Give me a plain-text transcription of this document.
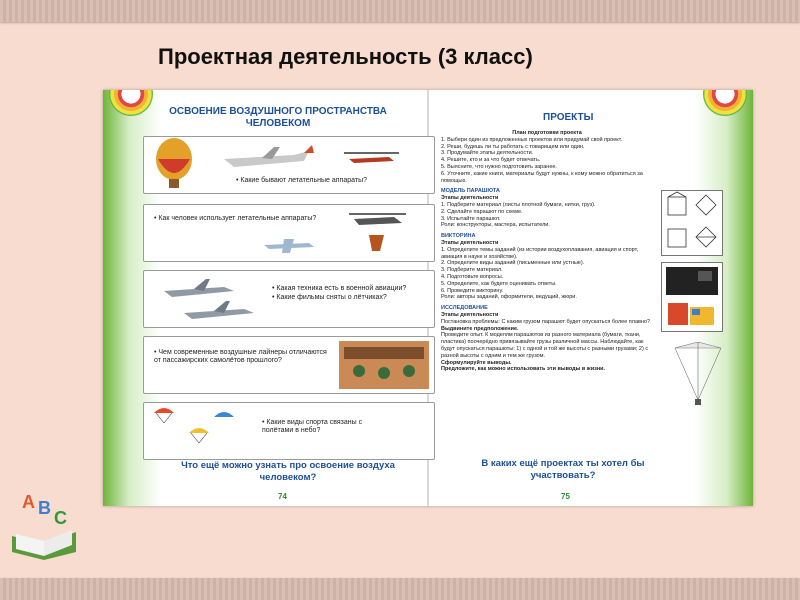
Проектная деятельность (3 класс)
ОСВОЕНИЕ ВОЗДУШНОГО ПРОСТРАНСТВА ЧЕЛОВЕКОМ
• Какие бывают летательные аппараты?
• Как человек использует летательные аппараты?
• Какая техника есть в военной авиации?
• Какие фильмы сняты о лётчиках?
• Чем современные воздушные лайнеры отличаются от пассажирских самолётов прошлого?
• Какие виды спорта связаны с полётами в небо?
Что ещё можно узнать про освоение воздуха человеком?
74
ПРОЕКТЫ
План подготовки проекта
1. Выбери один из предложенных проектов или придумай свой проект.
2. Реши, будешь ли ты работать с товарищем или один.
3. Продумайте этапы деятельности.
4. Решите, кто и за что будет отвечать.
5. Выясните, что нужно подготовить заранее.
6. Уточните, какие книги, материалы будут нужны, к кому можно обратиться за помощью.
МОДЕЛЬ ПАРАШЮТА
Этапы деятельности
1. Подберите материал (листы плотной бумаги, нитки, груз).
2. Сделайте парашют по схеме.
3. Испытайте парашют.
Роли: конструкторы, мастера, испытатели.
ВИКТОРИНА
Этапы деятельности
1. Определите темы заданий (из истории воздухоплавания, авиация и спорт, авиация в науке и хозяйстве).
2. Определите виды заданий (письменные или устные).
3. Подберите материал.
4. Подготовьте вопросы.
5. Определите, как будете оценивать ответы.
6. Проведите викторину.
Роли: авторы заданий, оформители, ведущий, жюри.
ИССЛЕДОВАНИЕ
Этапы деятельности
Постановка проблемы: С каким грузом парашют будет опускаться более плавно?
Выдвините предположение.
Проведите опыт. К моделям парашютов из разного материала (бумаги, ткани, пластика) поочерёдно привязывайте грузы различной массы. Наблюдайте, как будут опускаться парашюты: 1) с одной и той же высоты с разными грузами; 2) с разной высоты с одним и тем же грузом.
Сформулируйте выводы.
Предложите, как можно использовать эти выводы в жизни.
В каких ещё проектах ты хотел бы участвовать?
75
A B C
